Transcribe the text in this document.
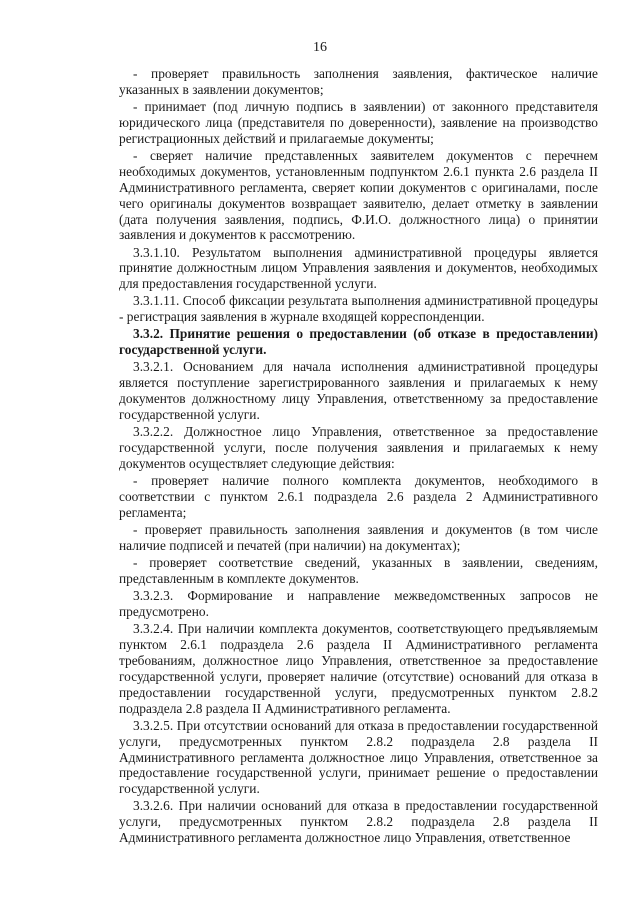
16

- проверяет правильность заполнения заявления, фактическое наличие указанных в заявлении документов;

- принимает (под личную подпись в заявлении) от законного представителя юридического лица (представителя по доверенности), заявление на производство регистрационных действий и прилагаемые документы;

- сверяет наличие представленных заявителем документов с перечнем необходимых документов, установленным подпунктом 2.6.1 пункта 2.6 раздела II Административного регламента, сверяет копии документов с оригиналами, после чего оригиналы документов возвращает заявителю, делает отметку в заявлении (дата получения заявления, подпись, Ф.И.О. должностного лица) о принятии заявления и документов к рассмотрению.

3.3.1.10. Результатом выполнения административной процедуры является принятие должностным лицом Управления заявления и документов, необходимых для предоставления государственной услуги.

3.3.1.11. Способ фиксации результата выполнения административной процедуры - регистрация заявления в журнале входящей корреспонденции.

3.3.2. Принятие решения о предоставлении (об отказе в предоставлении) государственной услуги.

3.3.2.1. Основанием для начала исполнения административной процедуры является поступление зарегистрированного заявления и прилагаемых к нему документов должностному лицу Управления, ответственному за предоставление государственной услуги.

3.3.2.2. Должностное лицо Управления, ответственное за предоставление государственной услуги, после получения заявления и прилагаемых к нему документов осуществляет следующие действия:

- проверяет наличие полного комплекта документов, необходимого в соответствии с пунктом 2.6.1 подраздела 2.6 раздела 2 Административного регламента;

- проверяет правильность заполнения заявления и документов (в том числе наличие подписей и печатей (при наличии) на документах);

- проверяет соответствие сведений, указанных в заявлении, сведениям, представленным в комплекте документов.

3.3.2.3. Формирование и направление межведомственных запросов не предусмотрено.

3.3.2.4. При наличии комплекта документов, соответствующего предъявляемым пунктом 2.6.1 подраздела 2.6 раздела II Административного регламента требованиям, должностное лицо Управления, ответственное за предоставление государственной услуги, проверяет наличие (отсутствие) оснований для отказа в предоставлении государственной услуги, предусмотренных пунктом 2.8.2 подраздела 2.8 раздела II Административного регламента.

3.3.2.5. При отсутствии оснований для отказа в предоставлении государственной услуги, предусмотренных пунктом 2.8.2 подраздела 2.8 раздела II Административного регламента должностное лицо Управления, ответственное за предоставление государственной услуги, принимает решение о предоставлении государственной услуги.

3.3.2.6. При наличии оснований для отказа в предоставлении государственной услуги, предусмотренных пунктом 2.8.2 подраздела 2.8 раздела II Административного регламента должностное лицо Управления, ответственное
